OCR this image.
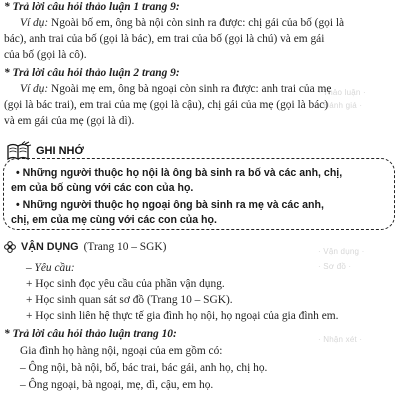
· Thảo luận ·
· Đánh giá ·
· Vận dụng ·
· Sơ đồ ·
· Nhận xét ·
* Trả lời câu hỏi thảo luận 1 trang 9:
Ví dụ: Ngoài bố em, ông bà nội còn sinh ra được: chị gái của bố (gọi là
bác), anh trai của bố (gọi là bác), em trai của bố (gọi là chú) và em gái
của bố (gọi là cô).
* Trả lời câu hỏi thảo luận 2 trang 9:
Ví dụ: Ngoài mẹ em, ông bà ngoại còn sinh ra được: anh trai của mẹ
(gọi là bác trai), em trai của mẹ (gọi là cậu), chị gái của mẹ (gọi là bác)
và em gái của mẹ (gọi là dì).
GHI NHỚ
• Những người thuộc họ nội là ông bà sinh ra bố và các anh, chị,
em của bố cùng với các con của họ.
• Những người thuộc họ ngoại ông bà sinh ra mẹ và các anh,
chị, em của mẹ cùng với các con của họ.
VẬN DỤNG (Trang 10 – SGK)
– Yêu cầu:
+ Học sinh đọc yêu cầu của phần vận dụng.
+ Học sinh quan sát sơ đồ (Trang 10 – SGK).
+ Học sinh liên hệ thực tế gia đình họ nội, họ ngoại của gia đình em.
* Trả lời câu hỏi thảo luận trang 10:
Gia đình họ hàng nội, ngoại của em gồm có:
– Ông nội, bà nội, bố, bác trai, bác gái, anh họ, chị họ.
– Ông ngoại, bà ngoại, mẹ, dì, cậu, em họ.
